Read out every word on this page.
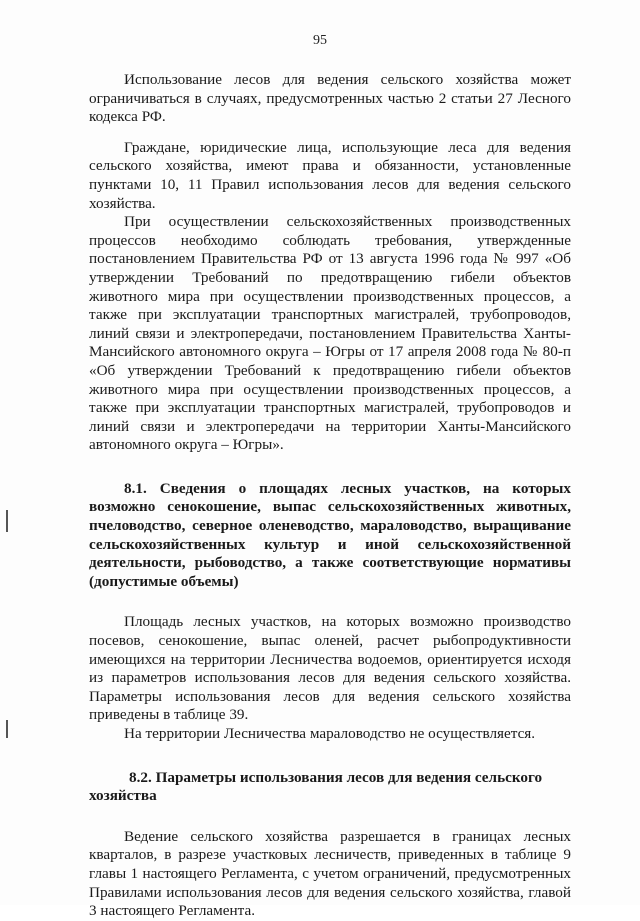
95

Использование лесов для ведения сельского хозяйства может ограничиваться в случаях, предусмотренных частью 2 статьи 27 Лесного кодекса РФ.

Граждане, юридические лица, использующие леса для ведения сельского хозяйства, имеют права и обязанности, установленные пунктами 10, 11 Правил использования лесов для ведения сельского хозяйства.

При осуществлении сельскохозяйственных производственных процессов необходимо соблюдать требования, утвержденные постановлением Правительства РФ от 13 августа 1996 года № 997 «Об утверждении Требований по предотвращению гибели объектов животного мира при осуществлении производственных процессов, а также при эксплуатации транспортных магистралей, трубопроводов, линий связи и электропередачи, постановлением Правительства Ханты-Мансийского автономного округа – Югры от 17 апреля 2008 года № 80-п «Об утверждении Требований к предотвращению гибели объектов животного мира при осуществлении производственных процессов, а также при эксплуатации транспортных магистралей, трубопроводов и линий связи и электропередачи на территории Ханты-Мансийского автономного округа – Югры».

8.1. Сведения о площадях лесных участков, на которых возможно сенокошение, выпас сельскохозяйственных животных, пчеловодство, северное оленеводство, мараловодство, выращивание сельскохозяйственных культур и иной сельскохозяйственной деятельности, рыбоводство, а также соответствующие нормативы (допустимые объемы)

Площадь лесных участков, на которых возможно производство посевов, сенокошение, выпас оленей, расчет рыбопродуктивности имеющихся на территории Лесничества водоемов, ориентируется исходя из параметров использования лесов для ведения сельского хозяйства. Параметры использования лесов для ведения сельского хозяйства приведены в таблице 39.

На территории Лесничества мараловодство не осуществляется.

8.2. Параметры использования лесов для ведения сельского хозяйства

Ведение сельского хозяйства разрешается в границах лесных кварталов, в разрезе участковых лесничеств, приведенных в таблице 9 главы 1 настоящего Регламента, с учетом ограничений, предусмотренных Правилами использования лесов для ведения сельского хозяйства, главой 3 настоящего Регламента.
